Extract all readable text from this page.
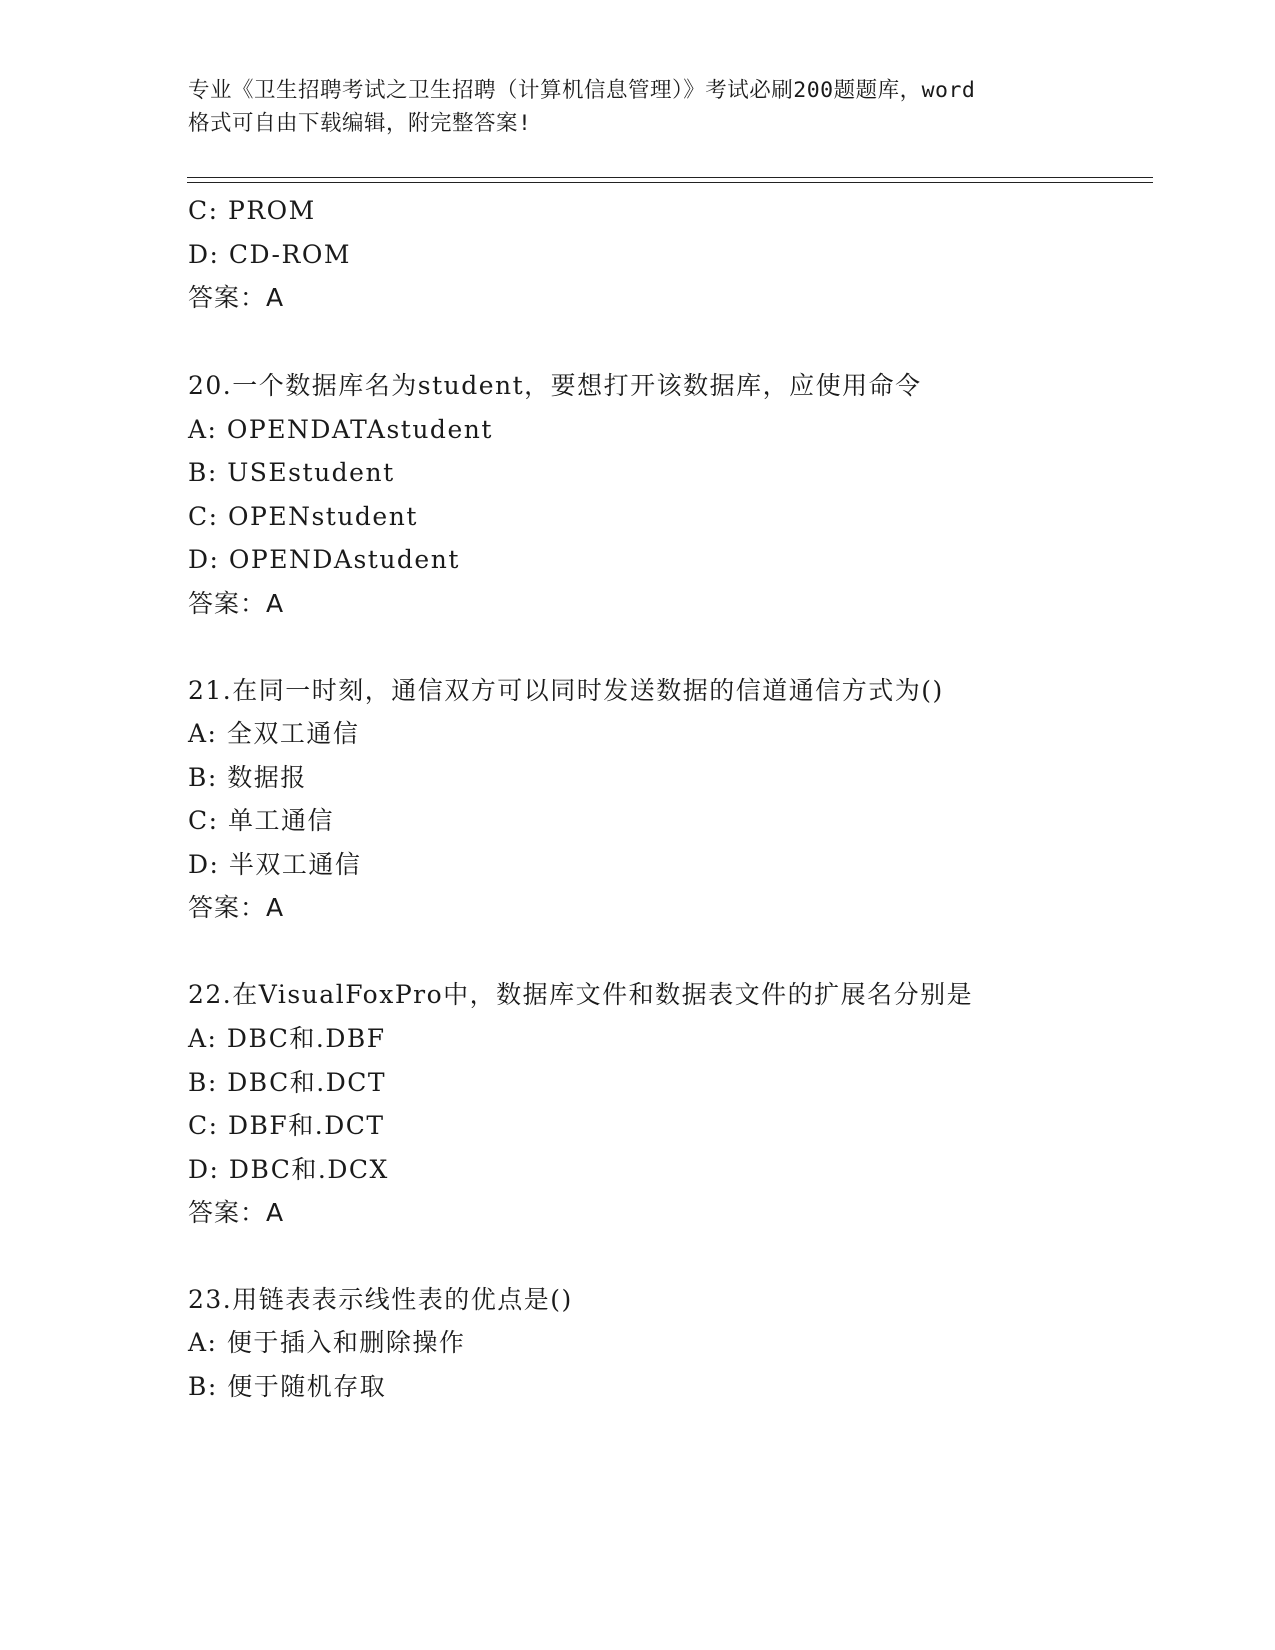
专业《卫生招聘考试之卫生招聘（计算机信息管理）》考试必刷200题题库，word
格式可自由下载编辑，附完整答案!
C: PROM
D: CD-ROM
答案：A
20.一个数据库名为student，要想打开该数据库，应使用命令
A: OPENDATAstudent
B: USEstudent
C: OPENstudent
D: OPENDAstudent
答案：A
21.在同一时刻，通信双方可以同时发送数据的信道通信方式为()
A: 全双工通信
B: 数据报
C: 单工通信
D: 半双工通信
答案：A
22.在VisualFoxPro中，数据库文件和数据表文件的扩展名分别是
A: DBC和.DBF
B: DBC和.DCT
C: DBF和.DCT
D: DBC和.DCX
答案：A
23.用链表表示线性表的优点是()
A: 便于插入和删除操作
B: 便于随机存取
